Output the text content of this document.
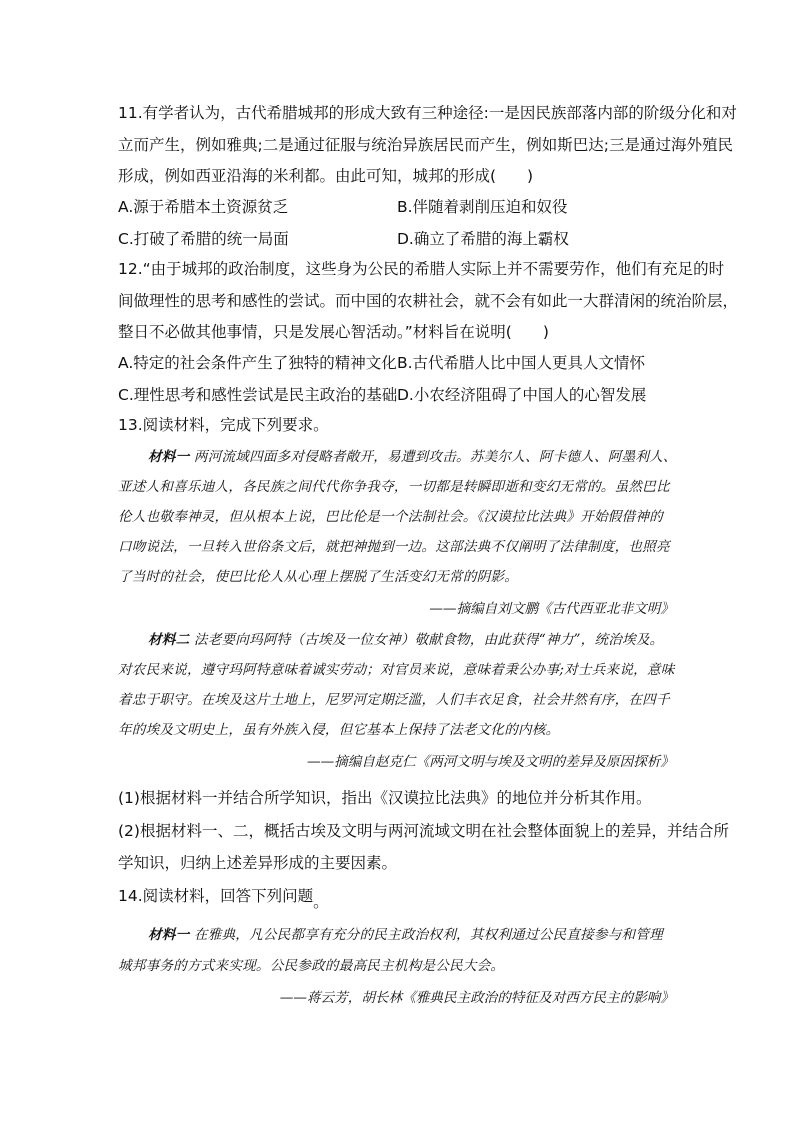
11.有学者认为，古代希腊城邦的形成大致有三种途径:一是因民族部落内部的阶级分化和对
立而产生，例如雅典;二是通过征服与统治异族居民而产生，例如斯巴达;三是通过海外殖民
形成，例如西亚沿海的米利都。由此可知，城邦的形成(　　)
A.源于希腊本土资源贫乏	B.伴随着剥削压迫和奴役
C.打破了希腊的统一局面	D.确立了希腊的海上霸权
12.“由于城邦的政治制度，这些身为公民的希腊人实际上并不需要劳作，他们有充足的时
间做理性的思考和感性的尝试。而中国的农耕社会，就不会有如此一大群清闲的统治阶层，
整日不必做其他事情，只是发展心智活动。”材料旨在说明(　　)
A.特定的社会条件产生了独特的精神文化 B.古代希腊人比中国人更具人文情怀
C.理性思考和感性尝试是民主政治的基础 D.小农经济阻碍了中国人的心智发展
13.阅读材料，完成下列要求。
材料一 两河流域四面多对侵略者敞开，易遭到攻击。苏美尔人、阿卡德人、阿墨利人、
亚述人和喜乐迪人，各民族之间代代你争我夺，一切都是转瞬即逝和变幻无常的。虽然巴比
伦人也敬奉神灵，但从根本上说，巴比伦是一个法制社会。《汉谟拉比法典》开始假借神的
口吻说法，一旦转入世俗条文后，就把神抛到一边。这部法典不仅阐明了法律制度，也照亮
了当时的社会，使巴比伦人从心理上摆脱了生活变幻无常的阴影。
——摘编自刘文鹏《古代西亚北非文明》
材料二 法老要向玛阿特（古埃及一位女神）敬献食物，由此获得“神力”，统治埃及。
对农民来说，遵守玛阿特意味着诚实劳动；对官员来说，意味着秉公办事;对士兵来说，意味
着忠于职守。在埃及这片土地上，尼罗河定期泛滥，人们丰衣足食，社会井然有序，在四千
年的埃及文明史上，虽有外族入侵，但它基本上保持了法老文化的内核。
——摘编自赵克仁《两河文明与埃及文明的差异及原因探析》
(1)根据材料一并结合所学知识，指出《汉谟拉比法典》的地位并分析其作用。
(2)根据材料一、二，概括古埃及文明与两河流域文明在社会整体面貌上的差异，并结合所
学知识，归纳上述差异形成的主要因素。
14.阅读材料，回答下列问题。
材料一 在雅典，凡公民都享有充分的民主政治权利，其权利通过公民直接参与和管理
城邦事务的方式来实现。公民参政的最高民主机构是公民大会。
——蒋云芳，胡长林《雅典民主政治的特征及对西方民主的影响》
